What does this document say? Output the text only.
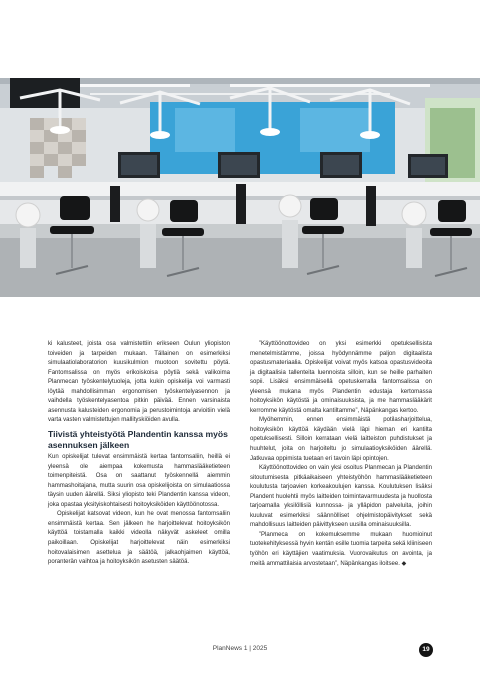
ki kalusteet, joista osa valmistettiin erikseen Oulun yliopiston toiveiden ja tarpeiden mukaan. Tällainen on esimerkiksi simulaatiolaboratorion kuusikulmion muotoon sovitettu pöytä. Fantomsalissa on myös erikoiskoisa pöytiä sekä valikoima Planmecan työskentelytuoleja, jotta kukin opiskelija voi varmasti löytää mahdollisimman ergonomisen työskentelyasennon ja vaihdella työskentelyasentoa pitkin päivää. Ennen varsinaista asennusta kalusteiden ergonomia ja perustoimintoja arvioitiin vielä varta vasten valmistettujen mallityskiöiden avulla.

Tiivistä yhteistyötä Plandentin kanssa myös asennuksen jälkeen

Kun opiskelijat tulevat ensimmäistä kertaa fantomsaliin, heillä ei yleensä ole aiempaa kokemusta hammaslääketieteen toimenpiteistä. Osa on saattanut työskennellä aiemmin hammashoitajana, mutta suurin osa opiskelijoista on simulaatiossa täysin uuden äärellä. Siksi yliopisto teki Plandentin kanssa videon, joka opastaa yksityiskohtaisesti hoitoyksiköiden käyttöönotossa.

Opiskelijat katsovat videon, kun he ovat menossa fantomsaliin ensimmäistä kertaa. Sen jälkeen he harjoittelevat hoitoyksikön käyttöä toistamalla kaikki videolla näkyvät askeleet omilla paikoillaan. Opiskelijat harjoittelevat näin esimerkiksi hoitovalaisimen asettelua ja säätöä, jalkaohjaimen käyttöä, poranterän vaihtoa ja hoitoyksikön asetusten säätöä.

”Käyttöönottovideo on yksi esimerkki opetuksellisista menetelmistämme, joissa hyödynnämme paljon digitaalista opastusmateriaalia. Opiskelijat voivat myös katsoa opastusvideoita ja digitaalisia tallenteita luennoista silloin, kun se heille parhaiten sopii. Lisäksi ensimmäisellä opetuskerralla fantomsalissa on yleensä mukana myös Plandentin edustaja kertomassa hoitoyksikön käytöstä ja ominaisuuksista, ja me hammaslääkärit kerromme käytöstä omalta kantiltamme”, Näpänkangas kertoo.

Myöhemmin, ennen ensimmäistä potilasharjoittelua, hoitoyksikön käyttöä käydään vielä läpi hieman eri kantilta opetuksellisesti. Silloin kerrataan vielä laitteiston puhdistukset ja huuhtelut, joita on harjoiteltu jo simulaatioyksiköiden äärellä. Jatkuvaa oppimista tuetaan eri tavoin läpi opintojen.

Käyttöönottovideo on vain yksi osoitus Planmecan ja Plandentin sitoutumisesta pitkäaikaiseen yhteistyöhön hammaslääketieteen koulutusta tarjoavien korkeakoulujen kanssa. Koulutuksen lisäksi Plandent huolehtii myös laitteiden toimintavarmuudesta ja huollosta tarjoamalla yksilöllisiä kunnossa- ja ylläpidon palveluita, joihin kuuluvat esimerkiksi säännölliset ohjelmistopäivitykset sekä mahdollisuus laitteiden päivittykseen uusilla ominaisuuksilla.

”Planmeca on kokemuksemme mukaan huomioinut tuotekehityksessä hyvin kentän esille tuomia tarpeita sekä kliiniseen työhön eri käyttäjien vaatimuksia. Vuorovaikutus on avointa, ja meitä ammattilaisia arvostetaan”, Näpänkangas iloitsee. ◆

PlanNews 1 | 2025	19
